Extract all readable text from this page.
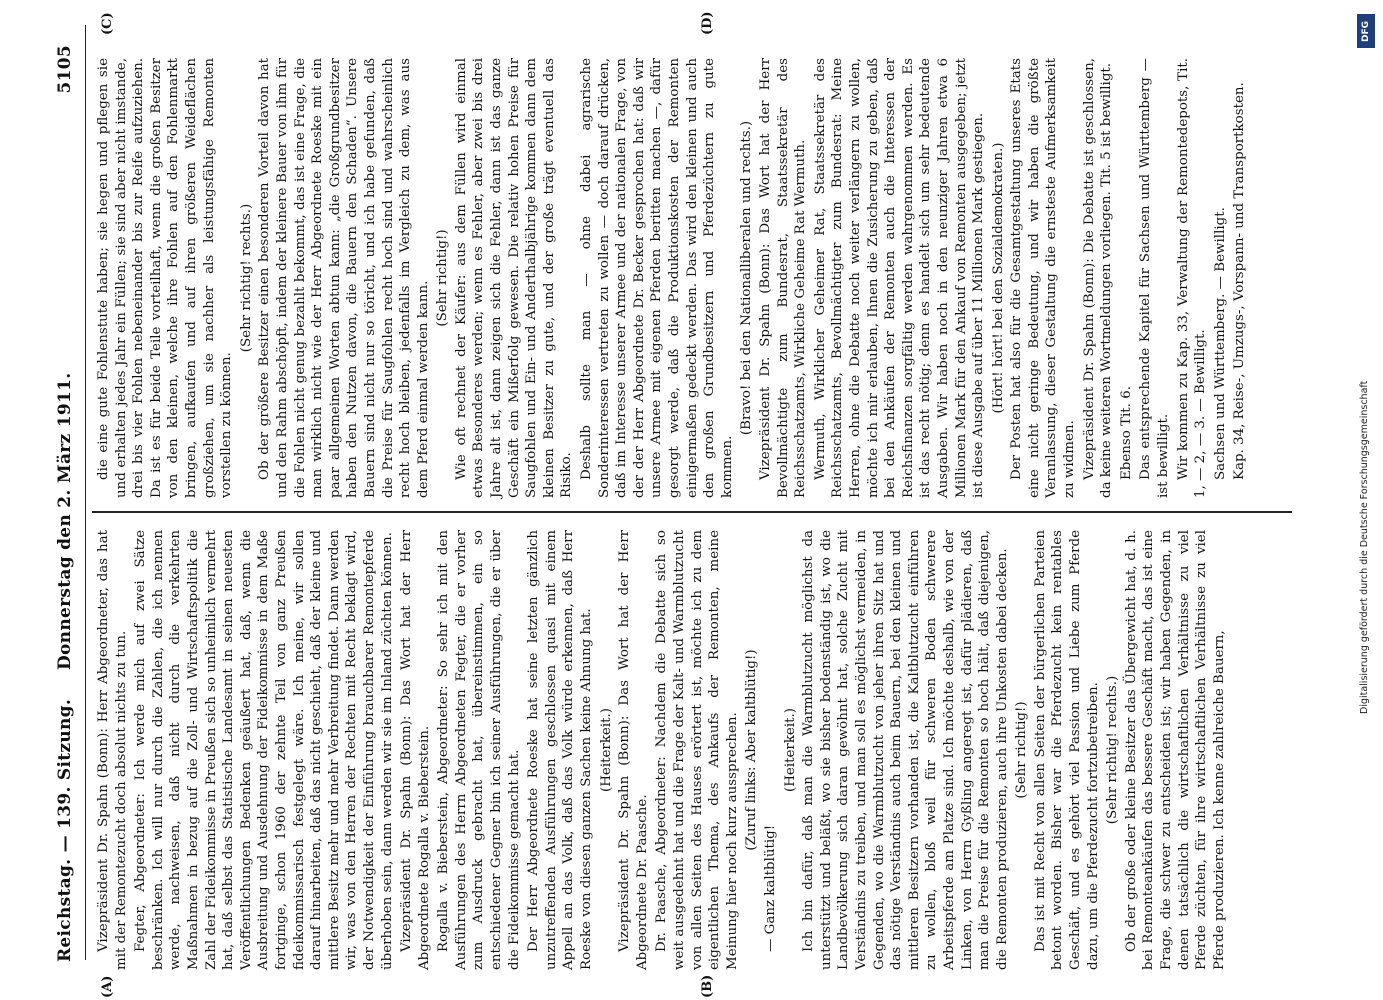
Reichstag. — 139. Sitzung.
Donnerstag den 2. März 1911.
5105
(A)	(B)
(C)	(D)

Vizepräsident Dr. Spahn (Bonn): Herr Abgeordneter, das hat mit der Remontezucht doch absolut nichts zu tun. Fegter, Abgeordneter: Ich werde mich auf zwei Sätze beschränken. Ich will nur durch die Zahlen, die ich nennen werde, nachweisen, daß nicht durch die verkehrten Maßnahmen in bezug auf die Zoll- und Wirtschaftspolitik die Zahl der Fideikommisse in Preußen sich so unheimlich vermehrt hat, daß selbst das Statistische Landesamt in seinen neuesten Veröffentlichungen Bedenken geäußert hat, daß, wenn die Ausbreitung und Ausdehnung der Fideikommisse in dem Maße fortginge, schon 1960 der zehnte Teil von ganz Preußen fideikommissarisch festgelegt wäre. Ich meine, wir sollen darauf hinarbeiten, daß das nicht geschieht, daß der kleine und mittlere Besitz mehr und mehr Verbreitung findet. Dann werden wir, was von den Herren der Rechten mit Recht beklagt wird, der Notwendigkeit der Einführung brauchbarer Remontepferde überhoben sein, dann werden wir sie im Inland züchten können. Vizepräsident Dr. Spahn (Bonn): Das Wort hat der Herr Abgeordnete Rogalla v. Bieberstein. Rogalla v. Bieberstein, Abgeordneter: So sehr ich mit den Ausführungen des Herrn Abgeordneten Fegter, die er vorher zum Ausdruck gebracht hat, übereinstimmen, ein so entschiedener Gegner bin ich seiner Ausführungen, die er über die Fideikommisse gemacht hat. Der Herr Abgeordnete Roeske hat seine letzten gänzlich unzutreffenden Ausführungen geschlossen quasi mit einem Appell an das Volk, daß das Volk würde erkennen, daß Herr Roeske von diesen ganzen Sachen keine Ahnung hat. (Heiterkeit.) Vizepräsident Dr. Spahn (Bonn): Das Wort hat der Herr Abgeordnete Dr. Paasche. Dr. Paasche, Abgeordneter: Nachdem die Debatte sich so weit ausgedehnt hat und die Frage der Kalt- und Warmblutzucht von allen Seiten des Hauses erörtert ist, möchte ich zu dem eigentlichen Thema, des Ankaufs der Remonten, meine Meinung hier noch kurz aussprechen. (Zuruf links: Aber kaltblütig!)

— Ganz kaltblütig!

(Heiterkeit.) Ich bin dafür, daß man die Warmblutzucht möglichst da unterstützt und beläßt, wo sie bisher bodenständig ist, wo die Landbevölkerung sich daran gewöhnt hat, solche Zucht mit Verständnis zu treiben, und man soll es möglichst vermeiden, in Gegenden, wo die Warmblutzucht von jeher ihren Sitz hat und das nötige Verständnis auch beim Bauern, bei den kleinen und mittleren Besitzern vorhanden ist, die Kaltblutzucht einführen zu wollen, bloß weil für schweren Boden schwerere Arbeitspferde am Platze sind. Ich möchte deshalb, wie von der Linken, von Herrn Gyßling angeregt ist, dafür plädieren, daß man die Preise für die Remonten so hoch hält, daß diejenigen, die Remonten produzieren, auch ihre Unkosten dabei decken. (Sehr richtig!) Das ist mit Recht von allen Seiten der bürgerlichen Parteien betont worden. Bisher war die Pferdezucht kein rentables Geschäft, und es gehört viel Passion und Liebe zum Pferde dazu, um die Pferdezucht fortzubetreiben. (Sehr richtig! rechts.) Ob der große oder kleine Besitzer das Übergewicht hat, d. h. bei Remonteankäufen das bessere Geschäft macht, das ist eine Frage, die schwer zu entscheiden ist; wir haben Gegenden, in denen tatsächlich die wirtschaftlichen Verhältnisse zu viel Pferde züchten, für ihre wirtschaftlichen Verhältnisse zu viel Pferde produzieren. Ich kenne zahlreiche Bauern,

die eine gute Fohlenstute haben; sie hegen und pflegen sie und erhalten jedes Jahr ein Füllen; sie sind aber nicht imstande, drei bis vier Fohlen nebeneinander bis zur Reife aufzuziehen. Da ist es für beide Teile vorteilhaft, wenn die großen Besitzer von den kleinen, welche ihre Fohlen auf den Fohlenmarkt bringen, aufkaufen und auf ihren größeren Weideflächen großziehen, um sie nachher als leistungsfähige Remonten vorstellen zu können.

(Sehr richtig! rechts.) Ob der größere Besitzer einen besonderen Vorteil davon hat und den Rahm abschöpft, indem der kleinere Bauer von ihm für die Fohlen nicht genug bezahlt bekommt, das ist eine Frage, die man wirklich nicht wie der Herr Abgeordnete Roeske mit ein paar allgemeinen Worten abtun kann: „die Großgrundbesitzer haben den Nutzen davon, die Bauern den Schaden“. Unsere Bauern sind nicht nur so töricht, und ich habe gefunden, daß die Preise für Saugfohlen recht hoch sind und wahrscheinlich recht hoch bleiben, jedenfalls im Vergleich zu dem, was aus dem Pferd einmal werden kann.

(Sehr richtig!) Wie oft rechnet der Käufer: aus dem Füllen wird einmal etwas Besonderes werden; wenn es Fehler, aber zwei bis drei Jahre alt ist, dann zeigen sich die Fehler, dann ist das ganze Geschäft ein Mißerfolg gewesen. Die relativ hohen Preise für Saugfohlen und Ein- und Anderthalbjährige kommen dann dem kleinen Besitzer zu gute, und der große trägt eventuell das Risiko. Deshalb sollte man — ohne dabei agrarische Sonderinteressen vertreten zu wollen — doch darauf drücken, daß im Interesse unserer Armee und der nationalen Frage, von der der Herr Abgeordnete Dr. Becker gesprochen hat: daß wir unsere Armee mit eigenen Pferden beritten machen —, dafür gesorgt werde, daß die Produktionskosten der Remonten einigermaßen gedeckt werden. Das wird den kleinen und auch den großen Grundbesitzern und Pferdezüchtern zu gute kommen.

(Bravo! bei den Nationalliberalen und rechts.) Vizepräsident Dr. Spahn (Bonn): Das Wort hat der Herr Bevollmächtigte zum Bundesrat, Staatssekretär des Reichsschatzamts, Wirkliche Geheime Rat Wermuth. Wermuth, Wirklicher Geheimer Rat, Staatssekretär des Reichsschatzamts, Bevollmächtigter zum Bundesrat: Meine Herren, ohne die Debatte noch weiter verlängern zu wollen, möchte ich mir erlauben, Ihnen die Zusicherung zu geben, daß bei den Ankäufen der Remonten auch die Interessen der Reichsfinanzen sorgfältig werden wahrgenommen werden. Es ist das recht nötig; denn es handelt sich um sehr bedeutende Ausgaben. Wir haben noch in den neunziger Jahren etwa 6 Millionen Mark für den Ankauf von Remonten ausgegeben; jetzt ist diese Ausgabe auf über 11 Millionen Mark gestiegen. (Hört! hört! bei den Sozialdemokraten.) Der Posten hat also für die Gesamtgestaltung unseres Etats eine nicht geringe Bedeutung, und wir haben die größte Veranlassung, dieser Gestaltung die ernsteste Aufmerksamkeit zu widmen. Vizepräsident Dr. Spahn (Bonn): Die Debatte ist geschlossen, da keine weiteren Wortmeldungen vorliegen. Tit. 5 ist bewilligt. Ebenso Tit. 6. Das entsprechende Kapitel für Sachsen und Württemberg — ist bewilligt. Wir kommen zu Kap. 33, Verwaltung der Remontedepots, Tit. 1, — 2, — 3. — Bewilligt. Sachsen und Württemberg. — Bewilligt. Kap. 34, Reise-, Umzugs-, Vorspann- und Transportkosten.

DFG
Digitalisierung gefördert durch die Deutsche Forschungsgemeinschaft
